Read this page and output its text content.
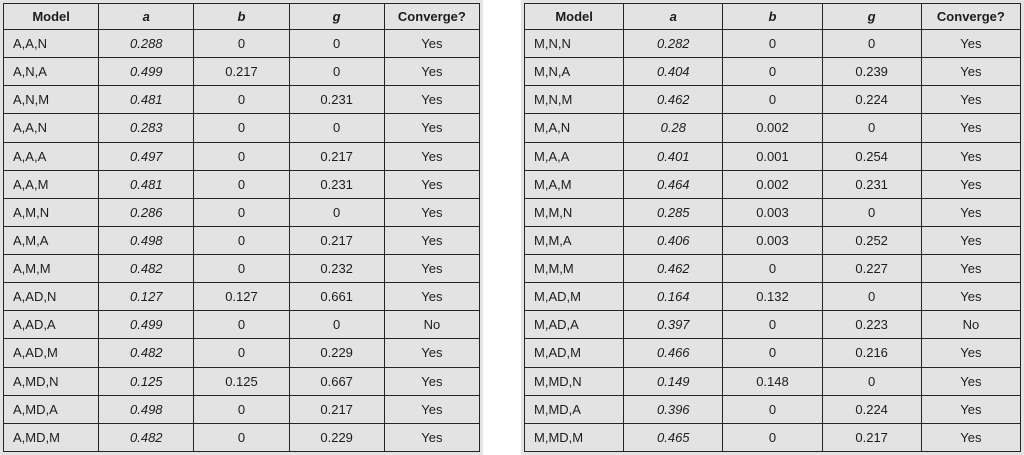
Model	a	b	g	Converge?
A,A,N	0.288	0	0	Yes
A,N,A	0.499	0.217	0	Yes
A,N,M	0.481	0	0.231	Yes
A,A,N	0.283	0	0	Yes
A,A,A	0.497	0	0.217	Yes
A,A,M	0.481	0	0.231	Yes
A,M,N	0.286	0	0	Yes
A,M,A	0.498	0	0.217	Yes
A,M,M	0.482	0	0.232	Yes
A,AD,N	0.127	0.127	0.661	Yes
A,AD,A	0.499	0	0	No
A,AD,M	0.482	0	0.229	Yes
A,MD,N	0.125	0.125	0.667	Yes
A,MD,A	0.498	0	0.217	Yes
A,MD,M	0.482	0	0.229	Yes
Model	a	b	g	Converge?
M,N,N	0.282	0	0	Yes
M,N,A	0.404	0	0.239	Yes
M,N,M	0.462	0	0.224	Yes
M,A,N	0.28	0.002	0	Yes
M,A,A	0.401	0.001	0.254	Yes
M,A,M	0.464	0.002	0.231	Yes
M,M,N	0.285	0.003	0	Yes
M,M,A	0.406	0.003	0.252	Yes
M,M,M	0.462	0	0.227	Yes
M,AD,M	0.164	0.132	0	Yes
M,AD,A	0.397	0	0.223	No
M,AD,M	0.466	0	0.216	Yes
M,MD,N	0.149	0.148	0	Yes
M,MD,A	0.396	0	0.224	Yes
M,MD,M	0.465	0	0.217	Yes
